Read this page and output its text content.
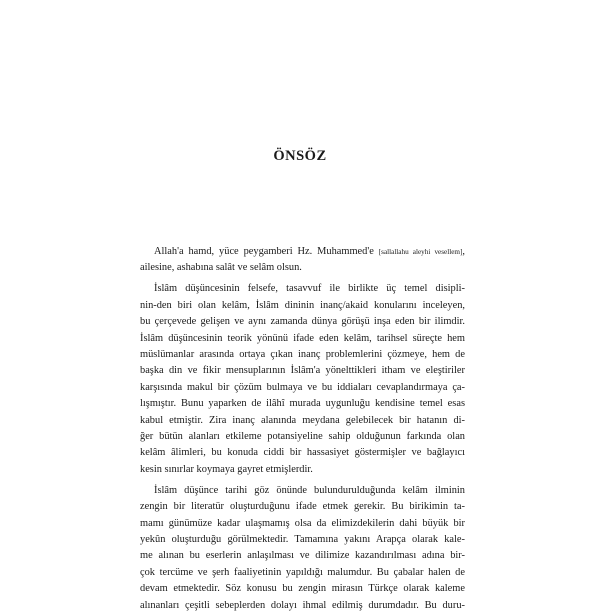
ÖNSÖZ

Allah'a hamd, yüce peygamberi Hz. Muhammed'e [sallallahu aleyhi vesellem],
ailesine, ashabına salât ve selâm olsun.

İslâm düşüncesinin felsefe, tasavvuf ile birlikte üç temel disipli-
nin-den biri olan kelâm, İslâm dininin inanç/akaid konularını inceleyen,
bu çerçevede gelişen ve aynı zamanda dünya görüşü inşa eden bir ilimdir.
İslâm düşüncesinin teorik yönünü ifade eden kelâm, tarihsel süreçte hem
müslümanlar arasında ortaya çıkan inanç problemlerini çözmeye, hem de
başka din ve fikir mensuplarının İslâm'a yönelttikleri itham ve eleştiriler
karşısında makul bir çözüm bulmaya ve bu iddiaları cevaplandırmaya ça-
lışmıştır. Bunu yaparken de ilâhî murada uygunluğu kendisine temel esas
kabul etmiştir. Zira inanç alanında meydana gelebilecek bir hatanın di-
ğer bütün alanları etkileme potansiyeline sahip olduğunun farkında olan
kelâm âlimleri, bu konuda ciddi bir hassasiyet göstermişler ve bağlayıcı
kesin sınırlar koymaya gayret etmişlerdir.

İslâm düşünce tarihi göz önünde bulundurulduğunda kelâm ilminin
zengin bir literatür oluşturduğunu ifade etmek gerekir. Bu birikimin ta-
mamı günümüze kadar ulaşmamış olsa da elimizdekilerin dahi büyük bir
yekûn oluşturduğu görülmektedir. Tamamına yakını Arapça olarak kale-
me alınan bu eserlerin anlaşılması ve dilimize kazandırılması adına bir-
çok tercüme ve şerh faaliyetinin yapıldığı malumdur. Bu çabalar halen de
devam etmektedir. Söz konusu bu zengin mirasın Türkçe olarak kaleme
alınanları çeşitli sebeplerden dolayı ihmal edilmiş durumdadır. Bu duru-
